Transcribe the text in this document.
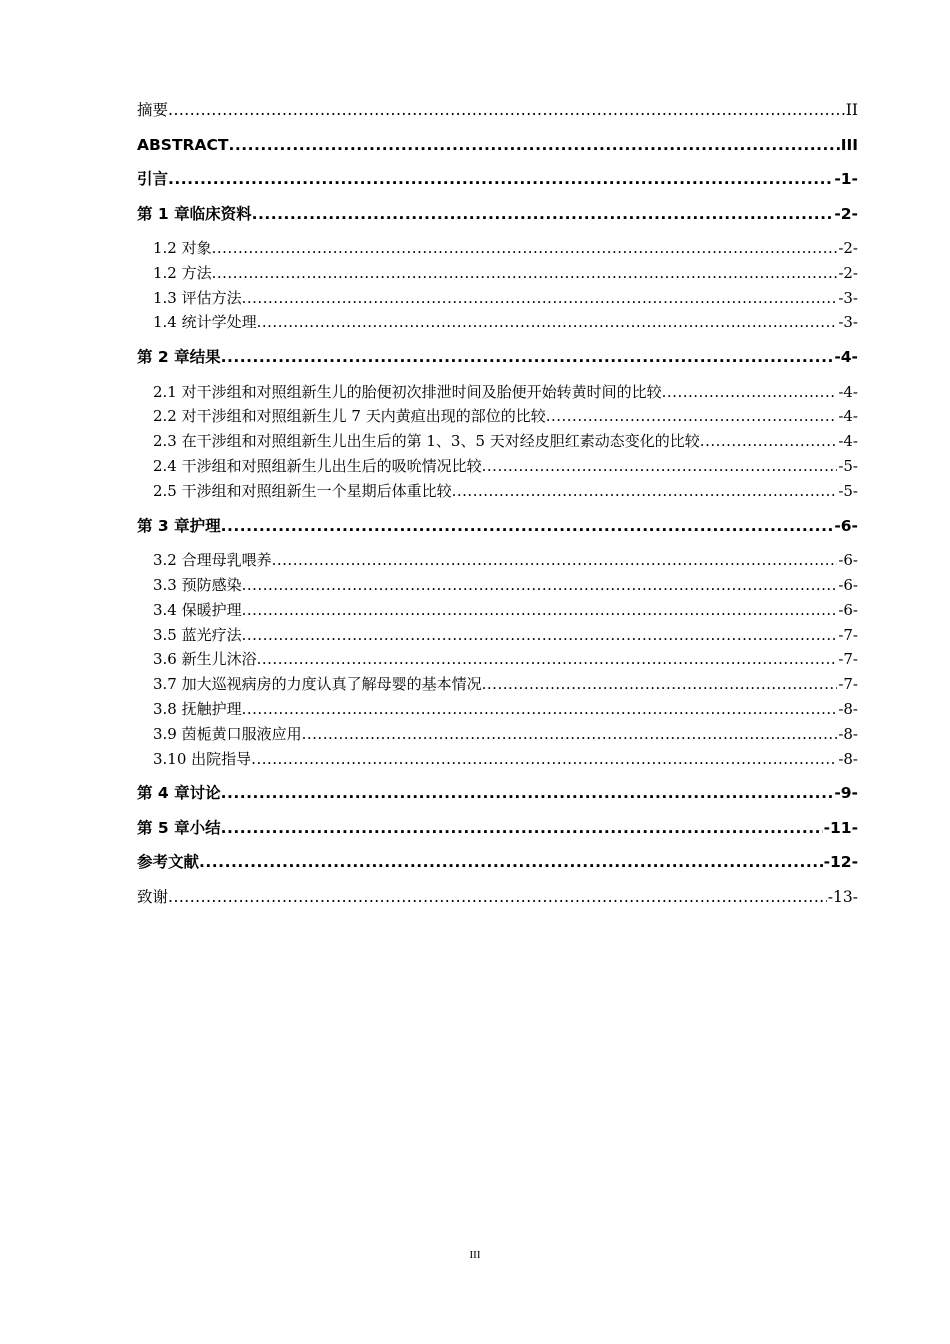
摘要 .....	II
ABSTRACT .....	III
引言 .....	-1-
第 1 章临床资料 .....	-2-
1.2 对象 .....	-2-
1.2 方法 .....	-2-
1.3 评估方法 .....	-3-
1.4 统计学处理 .....	-3-
第 2 章结果 .....	-4-
2.1 对干涉组和对照组新生儿的胎便初次排泄时间及胎便开始转黄时间的比较 .....	-4-
2.2 对干涉组和对照组新生儿 7 天内黄疸出现的部位的比较 .....	-4-
2.3 在干涉组和对照组新生儿出生后的第 1、3、5 天对经皮胆红素动态变化的比较 .....	-4-
2.4 干涉组和对照组新生儿出生后的吸吮情况比较 .....	-5-
2.5 干涉组和对照组新生一个星期后体重比较 .....	-5-
第 3 章护理 .....	-6-
3.2 合理母乳喂养 .....	-6-
3.3 预防感染 .....	-6-
3.4 保暖护理 .....	-6-
3.5 蓝光疗法 .....	-7-
3.6 新生儿沐浴 .....	-7-
3.7 加大巡视病房的力度认真了解母婴的基本情况 .....	-7-
3.8 抚触护理 .....	-8-
3.9 茵栀黄口服液应用 .....	-8-
3.10 出院指导 .....	-8-
第 4 章讨论 .....	-9-
第 5 章小结 .....	-11-
参考文献 .....	-12-
致谢 .....	-13-
III
